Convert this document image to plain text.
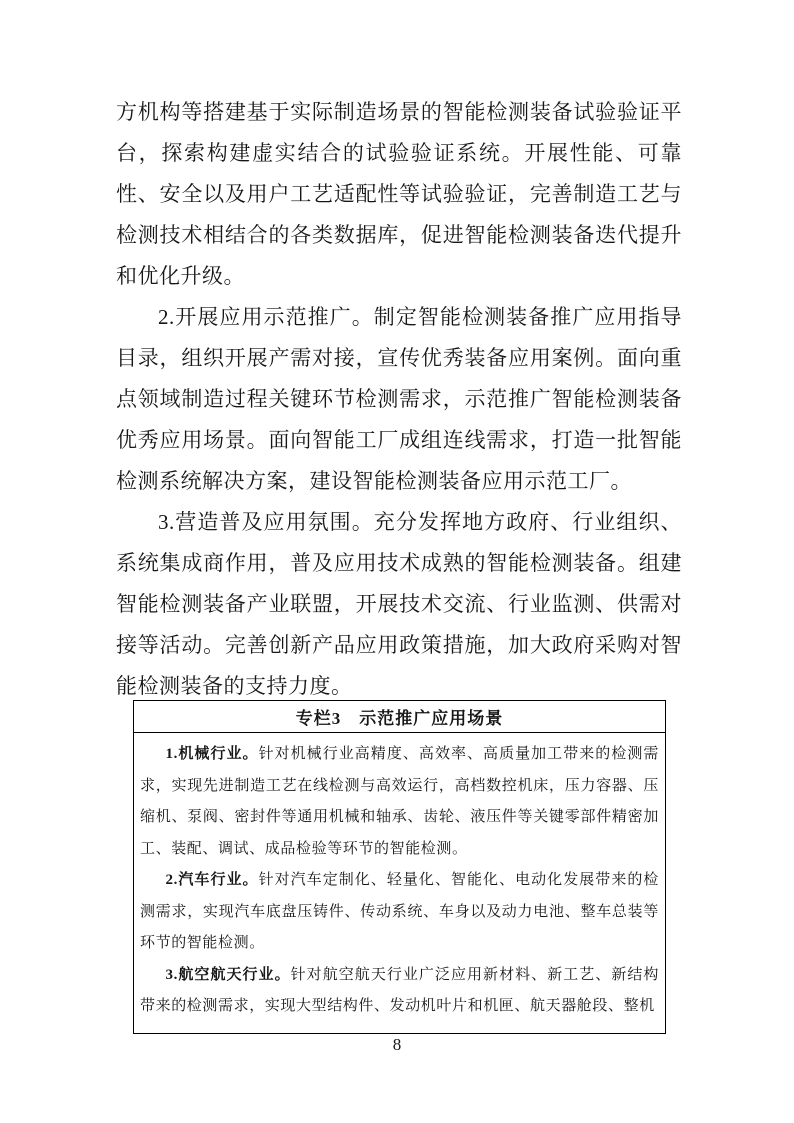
方机构等搭建基于实际制造场景的智能检测装备试验验证平台，探索构建虚实结合的试验验证系统。开展性能、可靠性、安全以及用户工艺适配性等试验验证，完善制造工艺与检测技术相结合的各类数据库，促进智能检测装备迭代提升和优化升级。

2.开展应用示范推广。制定智能检测装备推广应用指导目录，组织开展产需对接，宣传优秀装备应用案例。面向重点领域制造过程关键环节检测需求，示范推广智能检测装备优秀应用场景。面向智能工厂成组连线需求，打造一批智能检测系统解决方案，建设智能检测装备应用示范工厂。

3.营造普及应用氛围。充分发挥地方政府、行业组织、系统集成商作用，普及应用技术成熟的智能检测装备。组建智能检测装备产业联盟，开展技术交流、行业监测、供需对接等活动。完善创新产品应用政策措施，加大政府采购对智能检测装备的支持力度。

专栏3　示范推广应用场景

1.机械行业。针对机械行业高精度、高效率、高质量加工带来的检测需求，实现先进制造工艺在线检测与高效运行，高档数控机床，压力容器、压缩机、泵阀、密封件等通用机械和轴承、齿轮、液压件等关键零部件精密加工、装配、调试、成品检验等环节的智能检测。

2.汽车行业。针对汽车定制化、轻量化、智能化、电动化发展带来的检测需求，实现汽车底盘压铸件、传动系统、车身以及动力电池、整车总装等环节的智能检测。

3.航空航天行业。针对航空航天行业广泛应用新材料、新工艺、新结构带来的检测需求，实现大型结构件、发动机叶片和机匣、航天器舱段、整机

8
